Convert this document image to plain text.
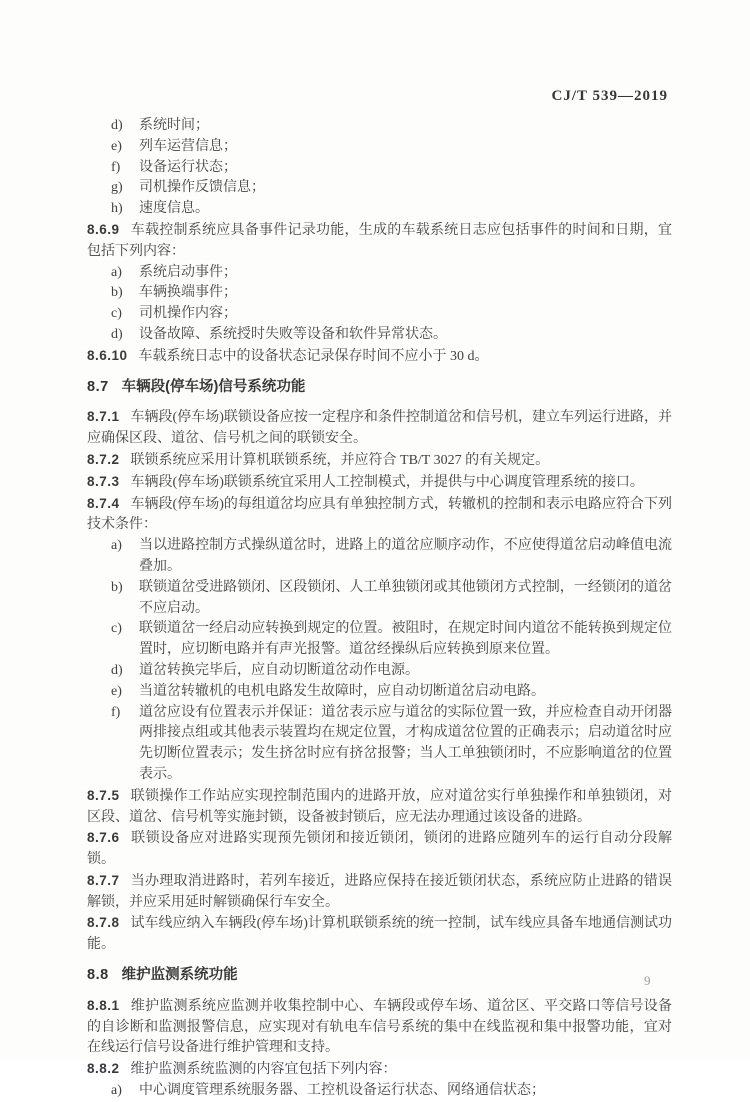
CJ/T 539—2019
d)	系统时间；
e)	列车运营信息；
f)	设备运行状态；
g)	司机操作反馈信息；
h)	速度信息。

8.6.9 车载控制系统应具备事件记录功能，生成的车载系统日志应包括事件的时间和日期，宜包括下列内容：

a)	系统启动事件；
b)	车辆换端事件；
c)	司机操作内容；
d)	设备故障、系统授时失败等设备和软件异常状态。

8.6.10 车载系统日志中的设备状态记录保存时间不应小于 30 d。

8.7 车辆段(停车场)信号系统功能

8.7.1 车辆段(停车场)联锁设备应按一定程序和条件控制道岔和信号机，建立车列运行进路，并应确保区段、道岔、信号机之间的联锁安全。

8.7.2 联锁系统应采用计算机联锁系统，并应符合 TB/T 3027 的有关规定。

8.7.3 车辆段(停车场)联锁系统宜采用人工控制模式，并提供与中心调度管理系统的接口。

8.7.4 车辆段(停车场)的每组道岔均应具有单独控制方式，转辙机的控制和表示电路应符合下列技术条件：

a)	当以进路控制方式操纵道岔时，进路上的道岔应顺序动作，不应使得道岔启动峰值电流叠加。
b)	联锁道岔受进路锁闭、区段锁闭、人工单独锁闭或其他锁闭方式控制，一经锁闭的道岔不应启动。
c)	联锁道岔一经启动应转换到规定的位置。被阻时，在规定时间内道岔不能转换到规定位置时，应切断电路并有声光报警。道岔经操纵后应转换到原来位置。
d)	道岔转换完毕后，应自动切断道岔动作电源。
e)	当道岔转辙机的电机电路发生故障时，应自动切断道岔启动电路。
f)	道岔应设有位置表示并保证：道岔表示应与道岔的实际位置一致，并应检查自动开闭器两排接点组或其他表示装置均在规定位置，才构成道岔位置的正确表示；启动道岔时应先切断位置表示；发生挤岔时应有挤岔报警；当人工单独锁闭时，不应影响道岔的位置表示。

8.7.5 联锁操作工作站应实现控制范围内的进路开放，应对道岔实行单独操作和单独锁闭，对区段、道岔、信号机等实施封锁，设备被封锁后，应无法办理通过该设备的进路。

8.7.6 联锁设备应对进路实现预先锁闭和接近锁闭，锁闭的进路应随列车的运行自动分段解锁。

8.7.7 当办理取消进路时，若列车接近，进路应保持在接近锁闭状态，系统应防止进路的错误解锁，并应采用延时解锁确保行车安全。

8.7.8 试车线应纳入车辆段(停车场)计算机联锁系统的统一控制，试车线应具备车地通信测试功能。

8.8 维护监测系统功能

8.8.1 维护监测系统应监测并收集控制中心、车辆段或停车场、道岔区、平交路口等信号设备的自诊断和监测报警信息，应实现对有轨电车信号系统的集中在线监视和集中报警功能，宜对在线运行信号设备进行维护管理和支持。

8.8.2 维护监测系统监测的内容宜包括下列内容：

a)	中心调度管理系统服务器、工控机设备运行状态、网络通信状态；
9
